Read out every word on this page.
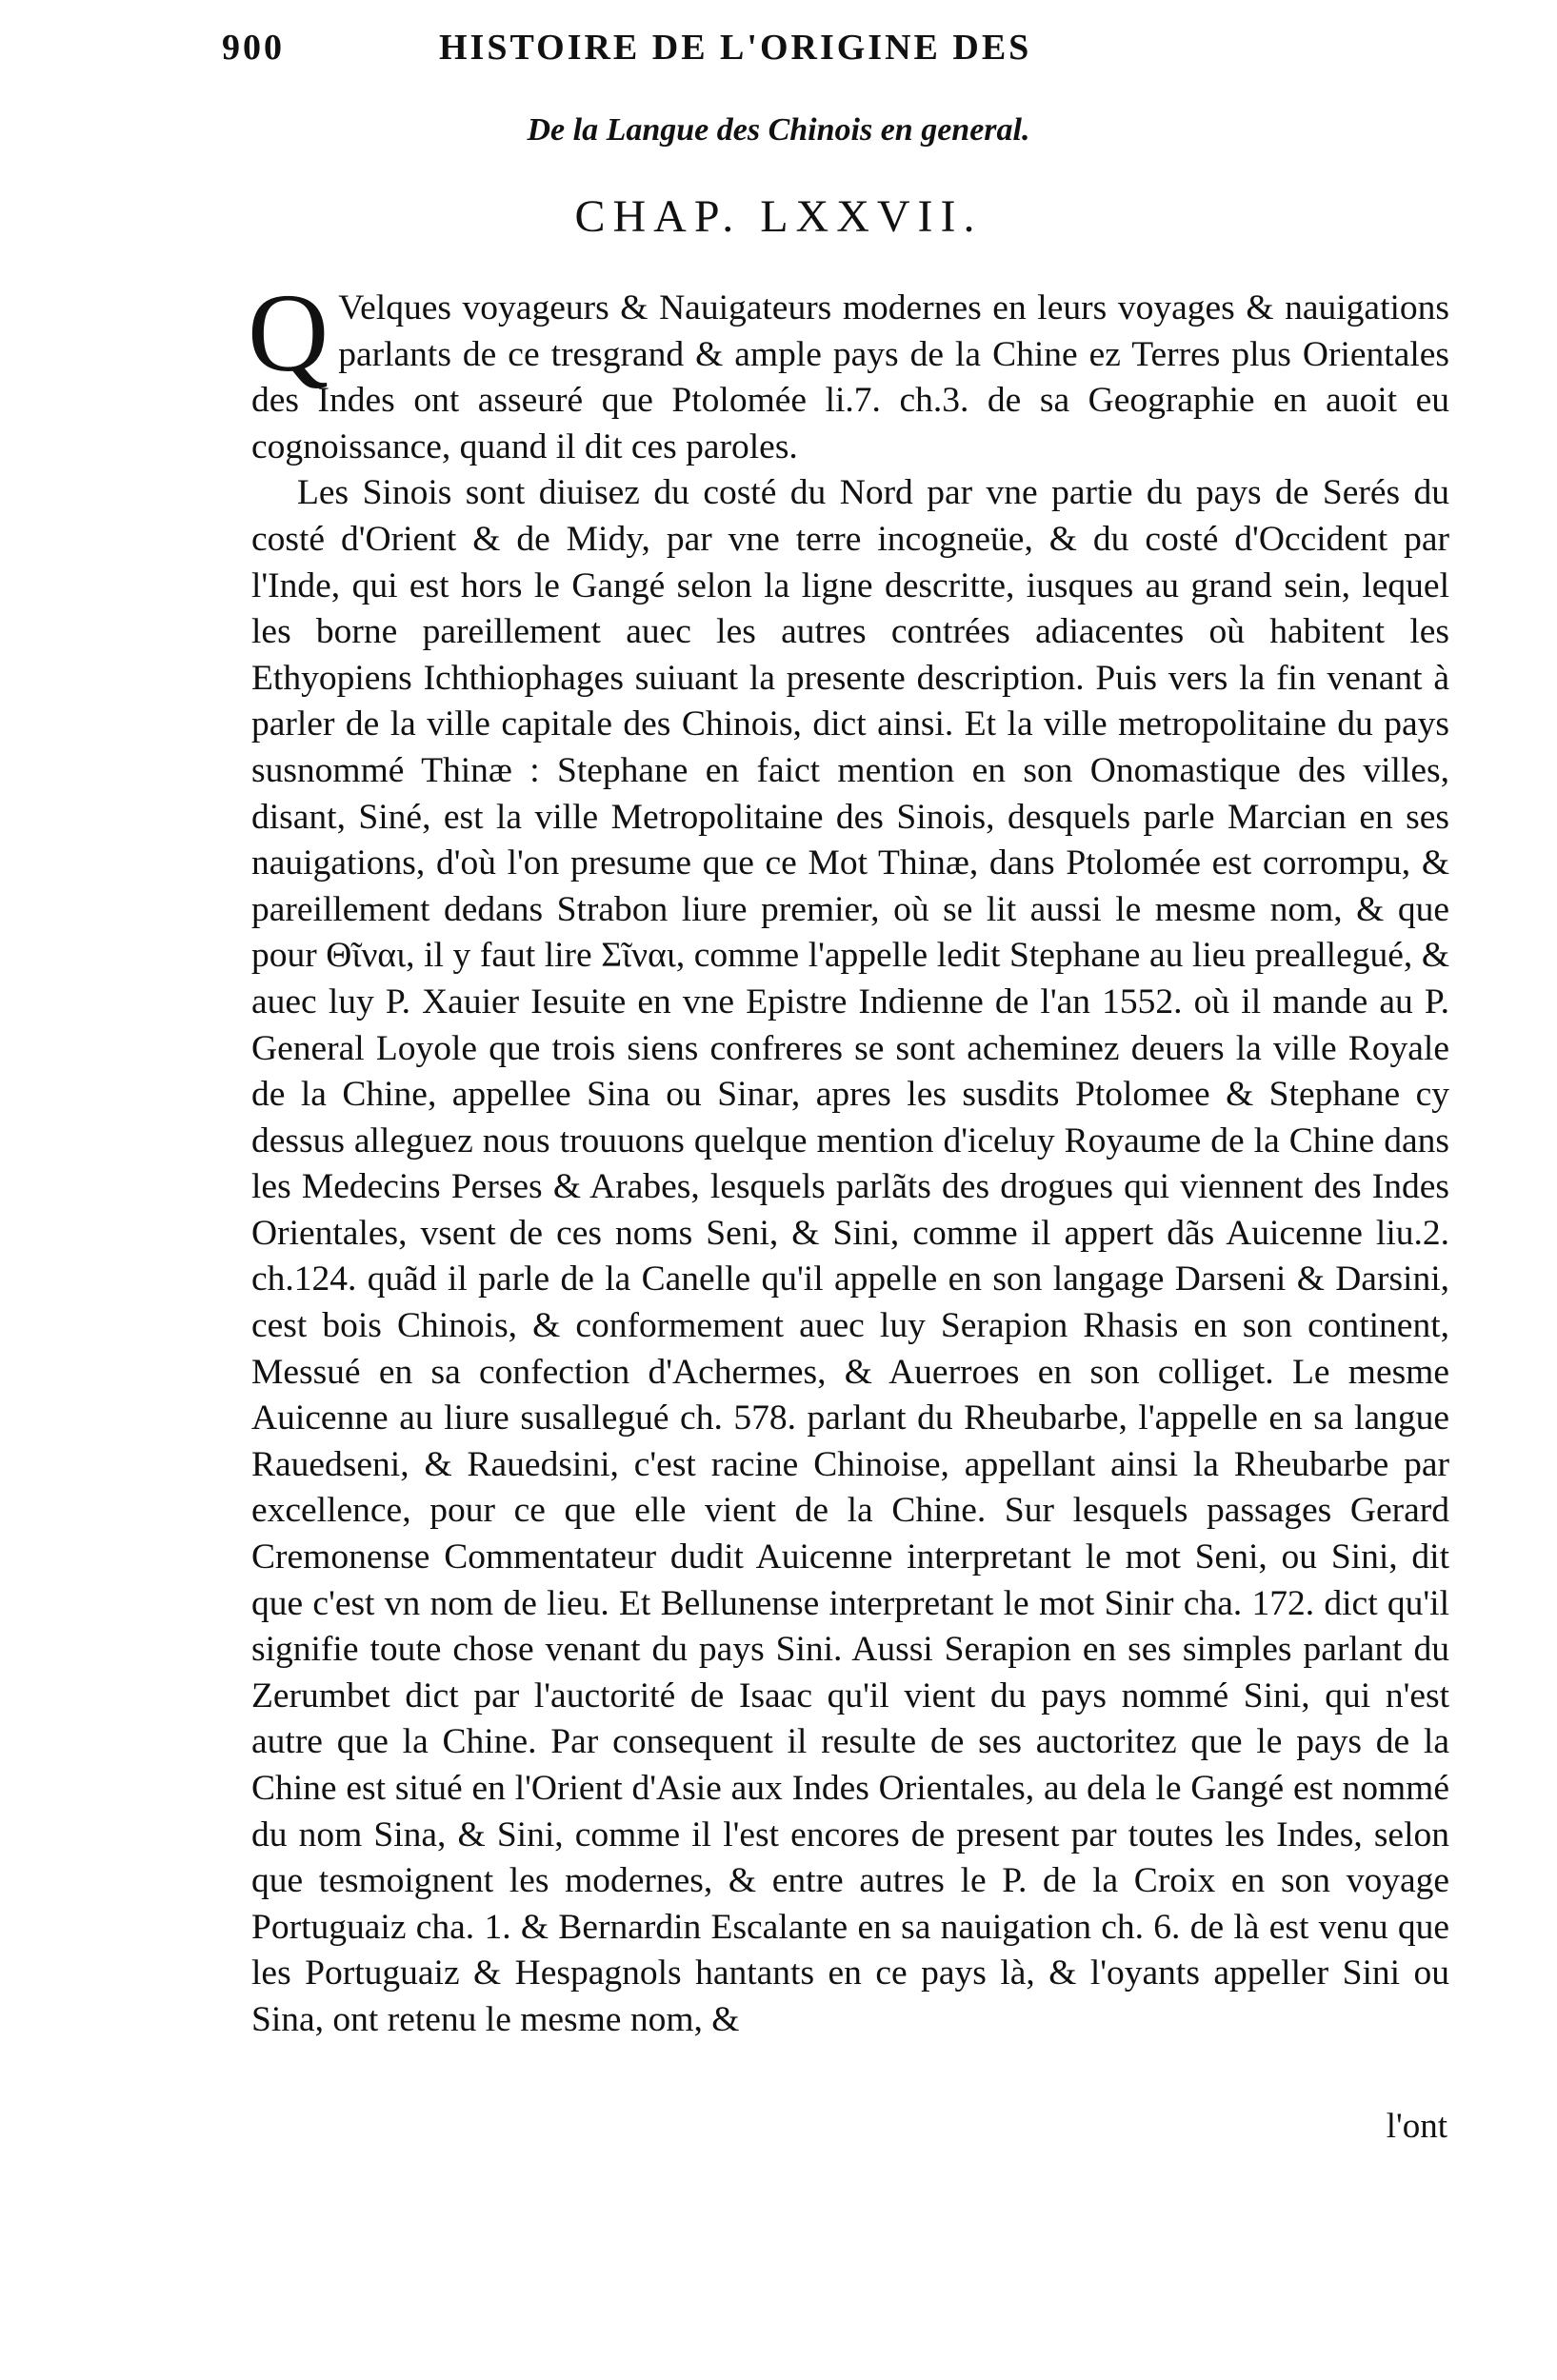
900	HISTOIRE DE L'ORIGINE DES
De la Langue des Chinois en general.
CHAP. LXXVII.

Q Velques voyageurs & Nauigateurs modernes en leurs voyages & nauigations parlants de ce tresgrand & ample pays de la Chine ez Terres plus Orientales des Indes ont asseuré que Ptolomée li.7. ch.3. de sa Geographie en auoit eu cognoissance, quand il dit ces paroles.

Les Sinois sont diuisez du costé du Nord par vne partie du pays de Serés du costé d'Orient & de Midy, par vne terre incogneüe, & du costé d'Occident par l'Inde, qui est hors le Gangé selon la ligne descritte, iusques au grand sein, lequel les borne pareillement auec les autres contrées adiacentes où habitent les Ethyopiens Ichthiophages suiuant la presente description. Puis vers la fin venant à parler de la ville capitale des Chinois, dict ainsi. Et la ville metropolitaine du pays susnommé Thinæ : Stephane en faict mention en son Onomastique des villes, disant, Siné, est la ville Metropolitaine des Sinois, desquels parle Marcian en ses nauigations, d'où l'on presume que ce Mot Thinæ, dans Ptolomée est corrompu, & pareillement dedans Strabon liure premier, où se lit aussi le mesme nom, & que pour Θῖναι, il y faut lire Σῖναι, comme l'appelle ledit Stephane au lieu preallegué, & auec luy P. Xauier Iesuite en vne Epistre Indienne de l'an 1552. où il mande au P. General Loyole que trois siens confreres se sont acheminez deuers la ville Royale de la Chine, appellee Sina ou Sinar, apres les susdits Ptolomee & Stephane cy dessus alleguez nous trouuons quelque mention d'iceluy Royaume de la Chine dans les Medecins Perses & Arabes, lesquels parlãts des drogues qui viennent des Indes Orientales, vsent de ces noms Seni, & Sini, comme il appert dãs Auicenne liu.2. ch.124. quãd il parle de la Canelle qu'il appelle en son langage Darseni & Darsini, cest bois Chinois, & conformement auec luy Serapion Rhasis en son continent, Messué en sa confection d'Achermes, & Auerroes en son colliget. Le mesme Auicenne au liure susallegué ch. 578. parlant du Rheubarbe, l'appelle en sa langue Rauedseni, & Rauedsini, c'est racine Chinoise, appellant ainsi la Rheubarbe par excellence, pour ce que elle vient de la Chine. Sur lesquels passages Gerard Cremonense Commentateur dudit Auicenne interpretant le mot Seni, ou Sini, dit que c'est vn nom de lieu. Et Bellunense interpretant le mot Sinir cha. 172. dict qu'il signifie toute chose venant du pays Sini. Aussi Serapion en ses simples parlant du Zerumbet dict par l'auctorité de Isaac qu'il vient du pays nommé Sini, qui n'est autre que la Chine. Par consequent il resulte de ses auctoritez que le pays de la Chine est situé en l'Orient d'Asie aux Indes Orientales, au dela le Gangé est nommé du nom Sina, & Sini, comme il l'est encores de present par toutes les Indes, selon que tesmoignent les modernes, & entre autres le P. de la Croix en son voyage Portuguaiz cha. 1. & Bernardin Escalante en sa nauigation ch. 6. de là est venu que les Portuguaiz & Hespagnols hantants en ce pays là, & l'oyants appeller Sini ou Sina, ont retenu le mesme nom, &

l'ont
